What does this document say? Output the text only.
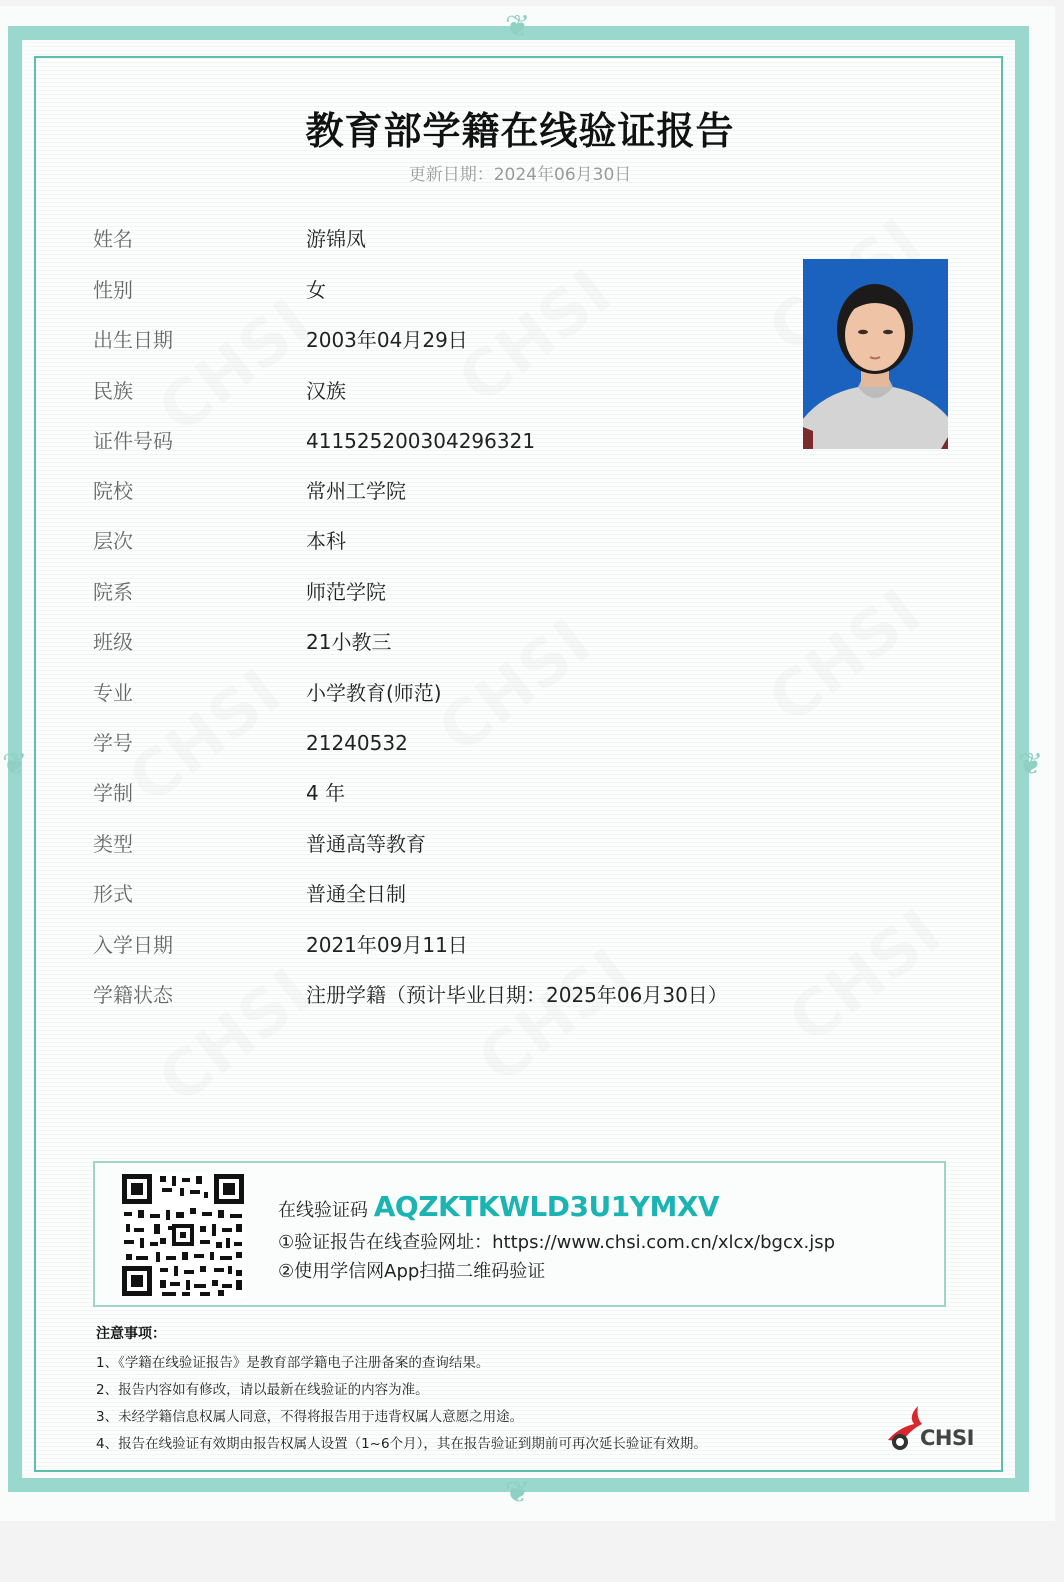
❦
❦
❦	❦
教育部学籍在线验证报告
更新日期：2024年06月30日
姓名	游锦凤
性别	女
出生日期	2003年04月29日
民族	汉族
证件号码	411525200304296321
院校	常州工学院
层次	本科
院系	师范学院
班级	21小教三
专业	小学教育(师范)
学号	21240532
学制	4 年
类型	普通高等教育
形式	普通全日制
入学日期	2021年09月11日
学籍状态	注册学籍（预计毕业日期：2025年06月30日）
在线验证码 AQZKTKWLD3U1YMXV
①验证报告在线查验网址：https://www.chsi.com.cn/xlcx/bgcx.jsp
②使用学信网App扫描二维码验证
注意事项：
1、《学籍在线验证报告》是教育部学籍电子注册备案的查询结果。
2、报告内容如有修改，请以最新在线验证的内容为准。
3、未经学籍信息权属人同意，不得将报告用于违背权属人意愿之用途。
4、报告在线验证有效期由报告权属人设置（1~6个月），其在报告验证到期前可再次延长验证有效期。	CHSI
